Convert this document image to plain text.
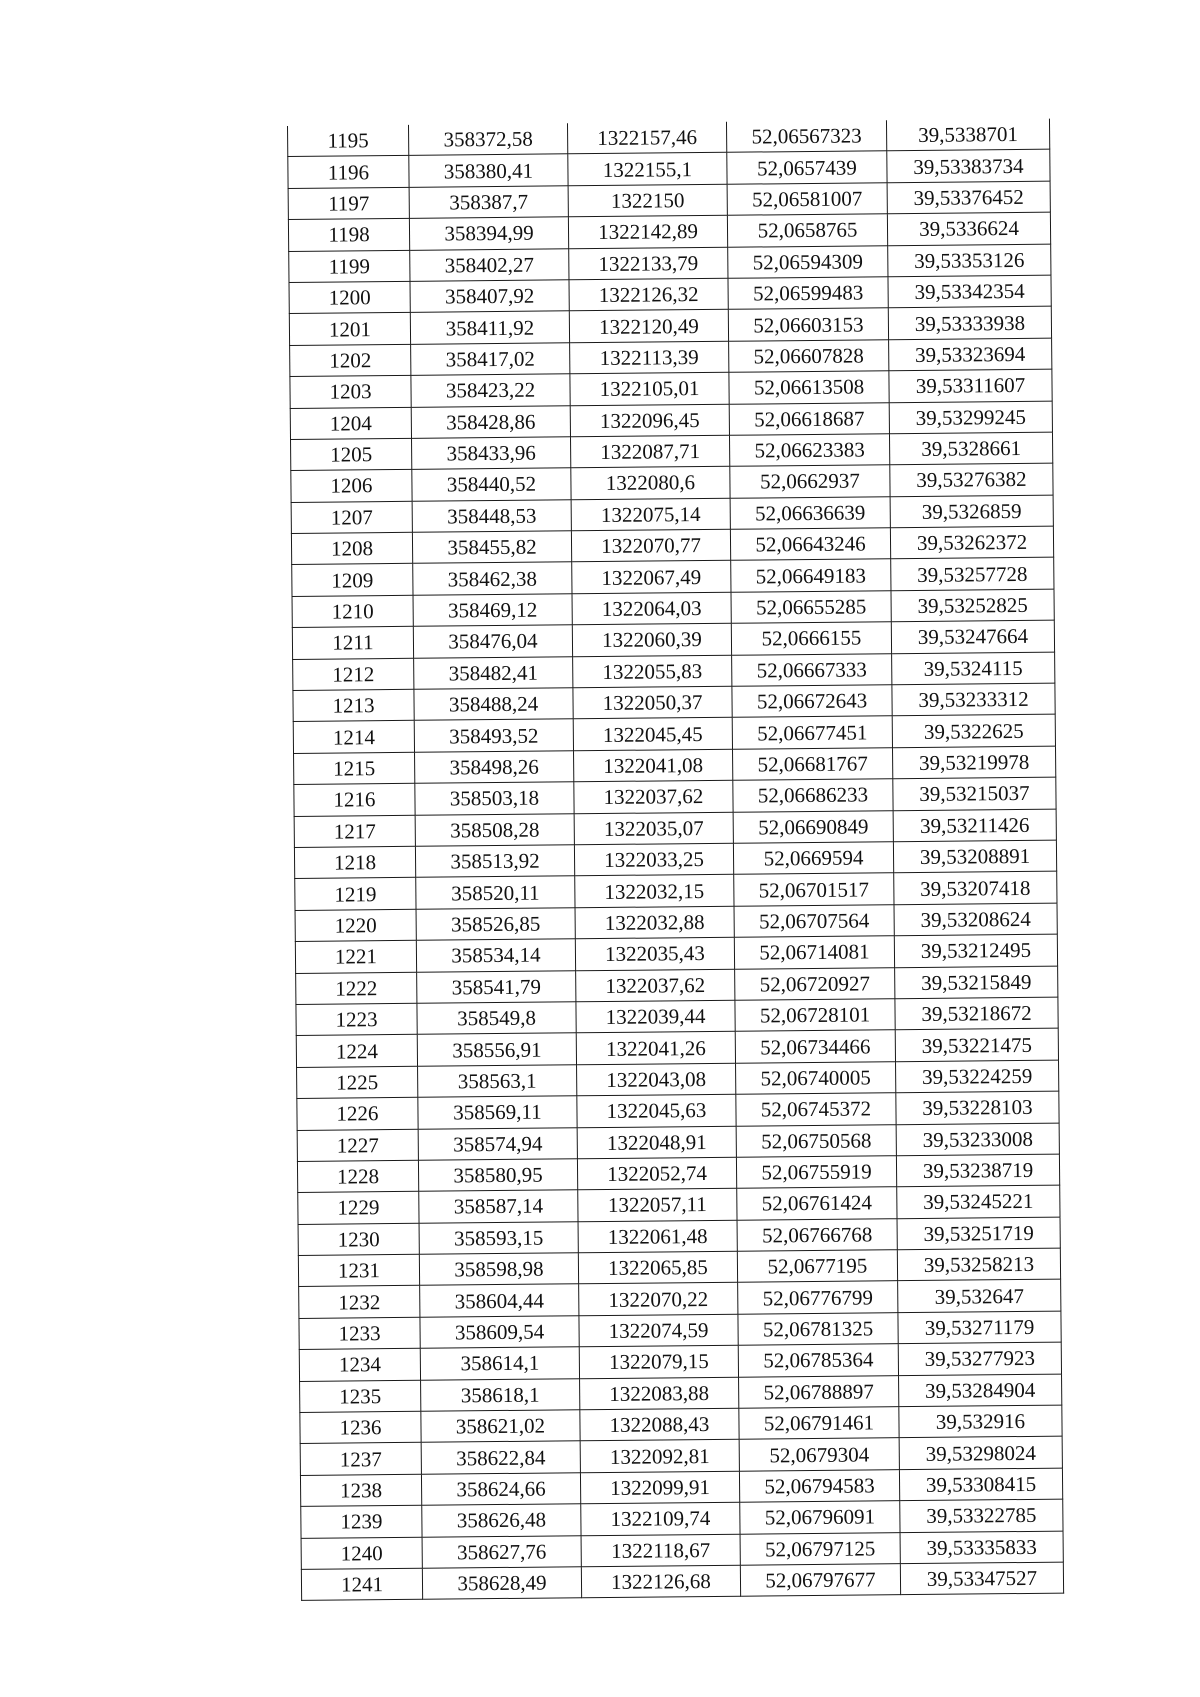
1195	358372,58	1322157,46	52,06567323	39,5338701
1196	358380,41	1322155,1	52,0657439	39,53383734
1197	358387,7	1322150	52,06581007	39,53376452
1198	358394,99	1322142,89	52,0658765	39,5336624
1199	358402,27	1322133,79	52,06594309	39,53353126
1200	358407,92	1322126,32	52,06599483	39,53342354
1201	358411,92	1322120,49	52,06603153	39,53333938
1202	358417,02	1322113,39	52,06607828	39,53323694
1203	358423,22	1322105,01	52,06613508	39,53311607
1204	358428,86	1322096,45	52,06618687	39,53299245
1205	358433,96	1322087,71	52,06623383	39,5328661
1206	358440,52	1322080,6	52,0662937	39,53276382
1207	358448,53	1322075,14	52,06636639	39,5326859
1208	358455,82	1322070,77	52,06643246	39,53262372
1209	358462,38	1322067,49	52,06649183	39,53257728
1210	358469,12	1322064,03	52,06655285	39,53252825
1211	358476,04	1322060,39	52,0666155	39,53247664
1212	358482,41	1322055,83	52,06667333	39,5324115
1213	358488,24	1322050,37	52,06672643	39,53233312
1214	358493,52	1322045,45	52,06677451	39,5322625
1215	358498,26	1322041,08	52,06681767	39,53219978
1216	358503,18	1322037,62	52,06686233	39,53215037
1217	358508,28	1322035,07	52,06690849	39,53211426
1218	358513,92	1322033,25	52,0669594	39,53208891
1219	358520,11	1322032,15	52,06701517	39,53207418
1220	358526,85	1322032,88	52,06707564	39,53208624
1221	358534,14	1322035,43	52,06714081	39,53212495
1222	358541,79	1322037,62	52,06720927	39,53215849
1223	358549,8	1322039,44	52,06728101	39,53218672
1224	358556,91	1322041,26	52,06734466	39,53221475
1225	358563,1	1322043,08	52,06740005	39,53224259
1226	358569,11	1322045,63	52,06745372	39,53228103
1227	358574,94	1322048,91	52,06750568	39,53233008
1228	358580,95	1322052,74	52,06755919	39,53238719
1229	358587,14	1322057,11	52,06761424	39,53245221
1230	358593,15	1322061,48	52,06766768	39,53251719
1231	358598,98	1322065,85	52,0677195	39,53258213
1232	358604,44	1322070,22	52,06776799	39,532647
1233	358609,54	1322074,59	52,06781325	39,53271179
1234	358614,1	1322079,15	52,06785364	39,53277923
1235	358618,1	1322083,88	52,06788897	39,53284904
1236	358621,02	1322088,43	52,06791461	39,532916
1237	358622,84	1322092,81	52,0679304	39,53298024
1238	358624,66	1322099,91	52,06794583	39,53308415
1239	358626,48	1322109,74	52,06796091	39,53322785
1240	358627,76	1322118,67	52,06797125	39,53335833
1241	358628,49	1322126,68	52,06797677	39,53347527
